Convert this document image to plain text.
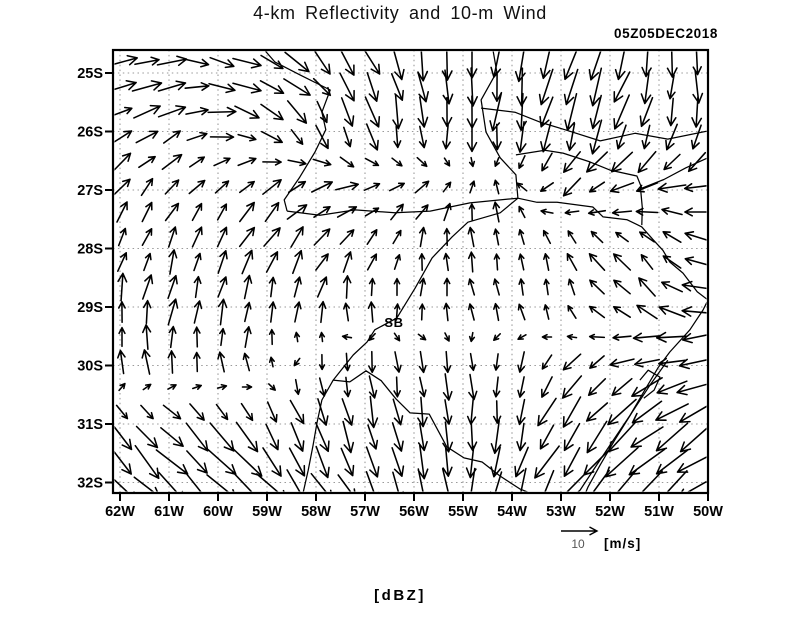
4-km Reflectivity and 10-m Wind
05Z05DEC2018
62W 61W 60W 59W 58W 57W 56W 55W 54W 53W 52W 51W 50W
25S
26S
27S
28S
29S
30S
31S
32S
10 [m/s]
SB
[dBZ]
